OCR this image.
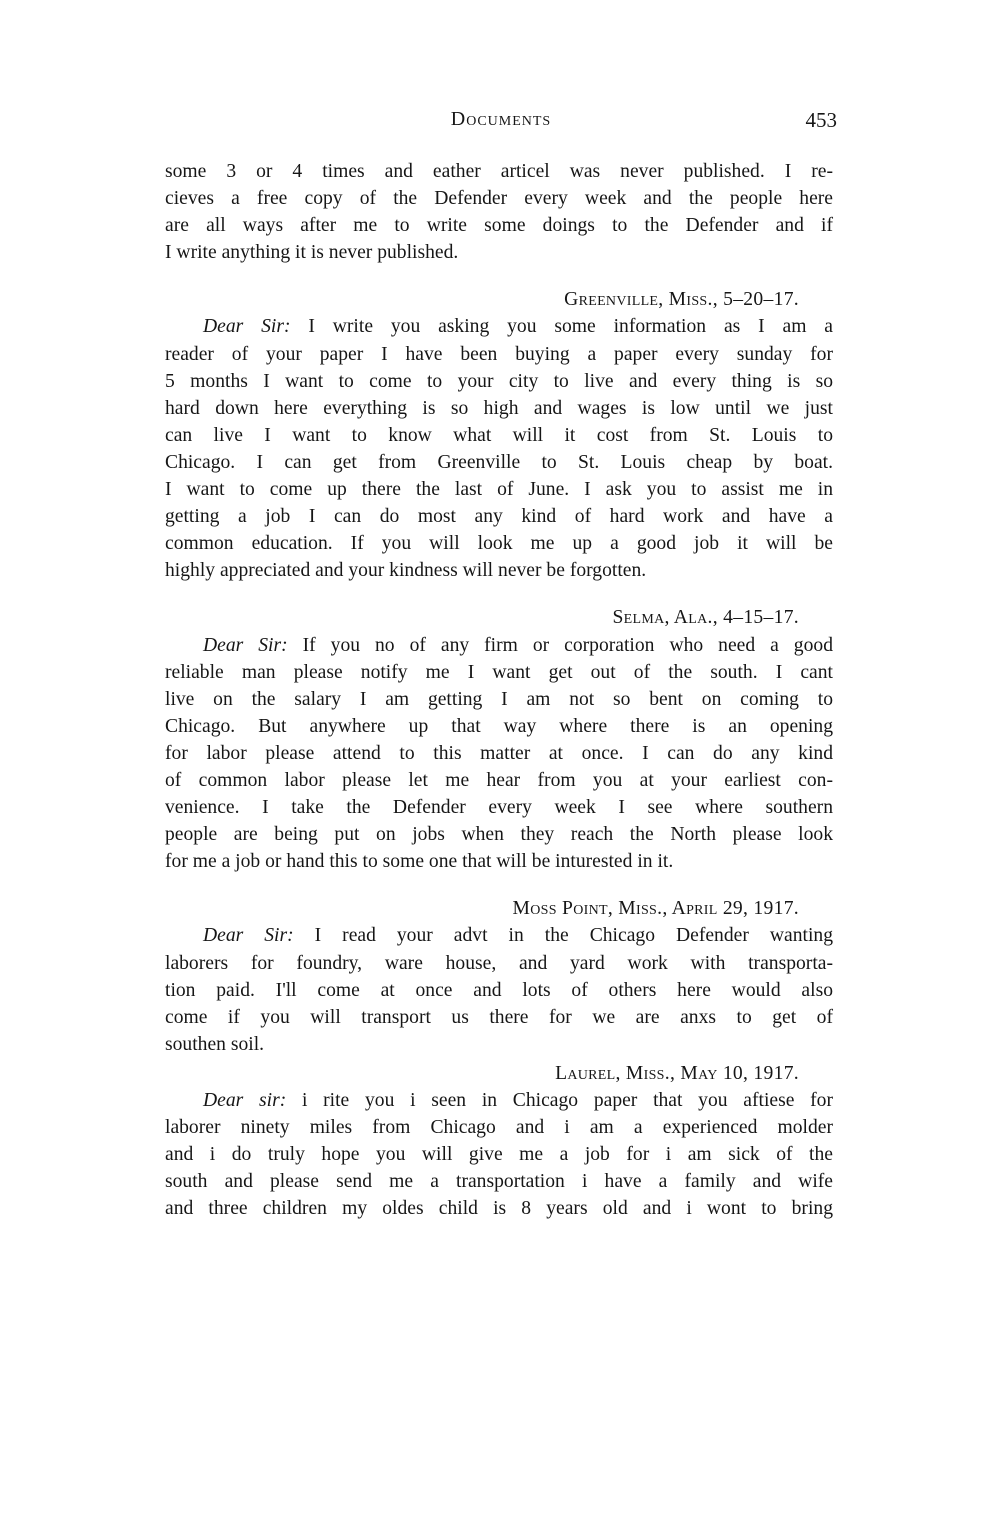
Documents	453
some 3 or 4 times and eather articel was never published. I re-
cieves a free copy of the Defender every week and the people here
are all ways after me to write some doings to the Defender and if
I write anything it is never published.
Greenville, Miss., 5–20–17.
Dear Sir: I write you asking you some information as I am a
reader of your paper I have been buying a paper every sunday for
5 months I want to come to your city to live and every thing is so
hard down here everything is so high and wages is low until we just
can live I want to know what will it cost from St. Louis to
Chicago. I can get from Greenville to St. Louis cheap by boat.
I want to come up there the last of June. I ask you to assist me in
getting a job I can do most any kind of hard work and have a
common education. If you will look me up a good job it will be
highly appreciated and your kindness will never be forgotten.
Selma, Ala., 4–15–17.
Dear Sir: If you no of any firm or corporation who need a good
reliable man please notify me I want get out of the south. I cant
live on the salary I am getting I am not so bent on coming to
Chicago. But anywhere up that way where there is an opening
for labor please attend to this matter at once. I can do any kind
of common labor please let me hear from you at your earliest con-
venience. I take the Defender every week I see where southern
people are being put on jobs when they reach the North please look
for me a job or hand this to some one that will be inturested in it.
Moss Point, Miss., April 29, 1917.
Dear Sir: I read your advt in the Chicago Defender wanting
laborers for foundry, ware house, and yard work with transporta-
tion paid. I'll come at once and lots of others here would also
come if you will transport us there for we are anxs to get of
southen soil.
Laurel, Miss., May 10, 1917.
Dear sir: i rite you i seen in Chicago paper that you aftiese for
laborer ninety miles from Chicago and i am a experienced molder
and i do truly hope you will give me a job for i am sick of the
south and please send me a transportation i have a family and wife
and three children my oldes child is 8 years old and i wont to bring
